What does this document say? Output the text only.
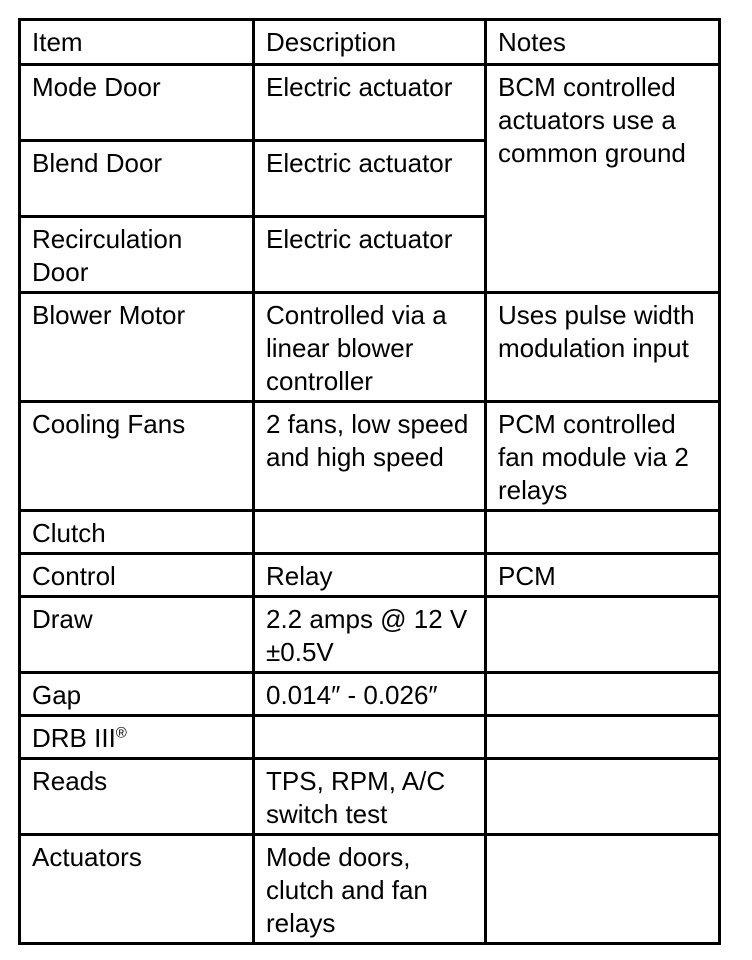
Item	Description	Notes
Mode Door	Electric actuator	BCM controlled actuators use a common ground
Blend Door	Electric actuator	
Recirculation Door	Electric actuator	
Blower Motor	Controlled via a linear blower controller	Uses pulse width modulation input
Cooling Fans	2 fans, low speed and high speed	PCM controlled fan module via 2 relays
Clutch		
Control	Relay	PCM
Draw	2.2 amps @ 12 V ±0.5V	
Gap	0.014″ - 0.026″	
DRB III®		
Reads	TPS, RPM, A/C switch test	
Actuators	Mode doors, clutch and fan relays	
